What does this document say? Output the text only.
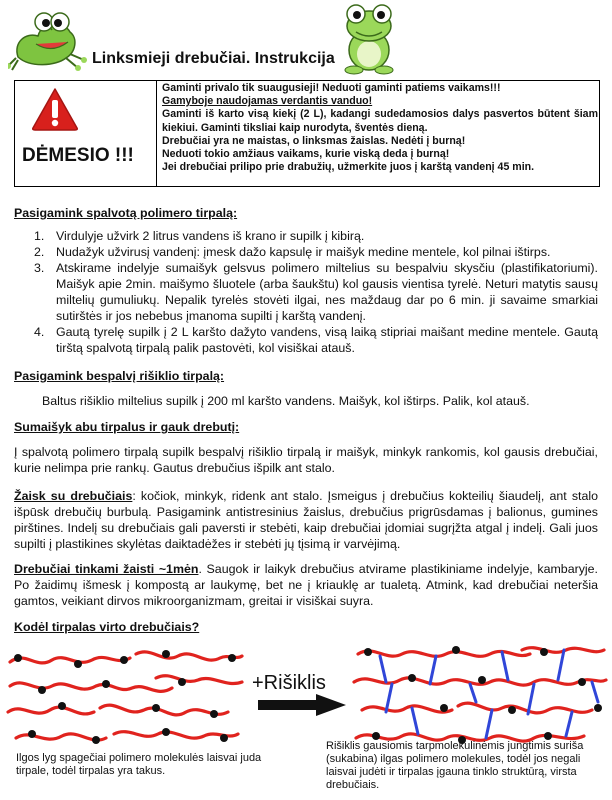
Linksmieji drebučiai. Instrukcija
DĖMESIO !!!
Gaminti privalo tik suaugusieji! Neduoti gaminti patiems vaikams!!!
Gamyboje naudojamas verdantis vanduo!
Gaminti iš karto visą kiekį (2 L), kadangi sudedamosios dalys pasvertos būtent šiam kiekiui. Gaminti tiksliai kaip nurodyta, šventės dieną.
Drebučiai yra ne maistas, o linksmas žaislas. Nedėti į burną!
Neduoti tokio amžiaus vaikams, kurie viską deda į burną!
Jei drebučiai prilipo prie drabužių, užmerkite juos į karštą vandenį 45 min.
Pasigamink spalvotą polimero tirpalą:
1. Virdulyje užvirk 2 litrus vandens iš krano ir supilk į kibirą.
2. Nudažyk užvirusį vandenį: įmesk dažo kapsulę ir maišyk medine mentele, kol pilnai ištirps.
3. Atskirame indelyje sumaišyk gelsvus polimero miltelius su bespalviu skysčiu (plastifikatoriumi). Maišyk apie 2min. maišymo šluotele (arba šaukštu) kol gausis vientisa tyrelė. Neturi matytis sausų miltelių gumuliukų. Nepalik tyrelės stovėti ilgai, nes maždaug dar po 6 min. ji savaime smarkiai sutirštės ir jos nebebus įmanoma supilti į karštą vandenį.
4. Gautą tyrelę supilk į 2 L karšto dažyto vandens, visą laiką stipriai maišant medine mentele. Gautą tirštą spalvotą tirpalą palik pastovėti, kol visiškai atauš.
Pasigamink bespalvį rišiklio tirpalą:
Baltus rišiklio miltelius supilk į 200 ml karšto vandens. Maišyk, kol ištirps. Palik, kol atauš.
Sumaišyk abu tirpalus ir gauk drebutį:
Į spalvotą polimero tirpalą supilk bespalvį rišiklio tirpalą ir maišyk, minkyk rankomis, kol gausis drebučiai, kurie nelimpa prie rankų. Gautus drebučius išpilk ant stalo.
Žaisk su drebučiais: kočiok, minkyk, ridenk ant stalo. Įsmeigus į drebučius kokteilių šiaudelį, ant stalo išpūsk drebučių burbulą. Pasigamink antistresinius žaislus, drebučius prigrūsdamas į balionus, gumines pirštines. Indelį su drebučiais gali paversti ir stebėti, kaip drebučiai įdomiai sugrįžta atgal į indelį. Gali juos supilti į plastikines skylėtas daiktadėžes ir stebėti jų tįsimą ir varvėjimą.
Drebučiai tinkami žaisti ~1mėn. Saugok ir laikyk drebučius atvirame plastikiniame indelyje, kambaryje. Po žaidimų išmesk į kompostą ar laukymę, bet ne į kriauklę ar tualetą. Atmink, kad drebučiai neteršia gamtos, veikiant dirvos mikroorganizmam, greitai ir visiškai suyra.
Kodėl tirpalas virto drebučiais?
+Rišiklis
Ilgos lyg spagečiai polimero molekulės laisvai juda tirpale, todėl tirpalas yra takus.
Rišiklis gausiomis tarpmolekulinėmis jungtimis suriša (sukabina) ilgas polimero molekules, todėl jos negali laisvai judėti ir tirpalas įgauna tinklo struktūrą, virsta drebučiais.
